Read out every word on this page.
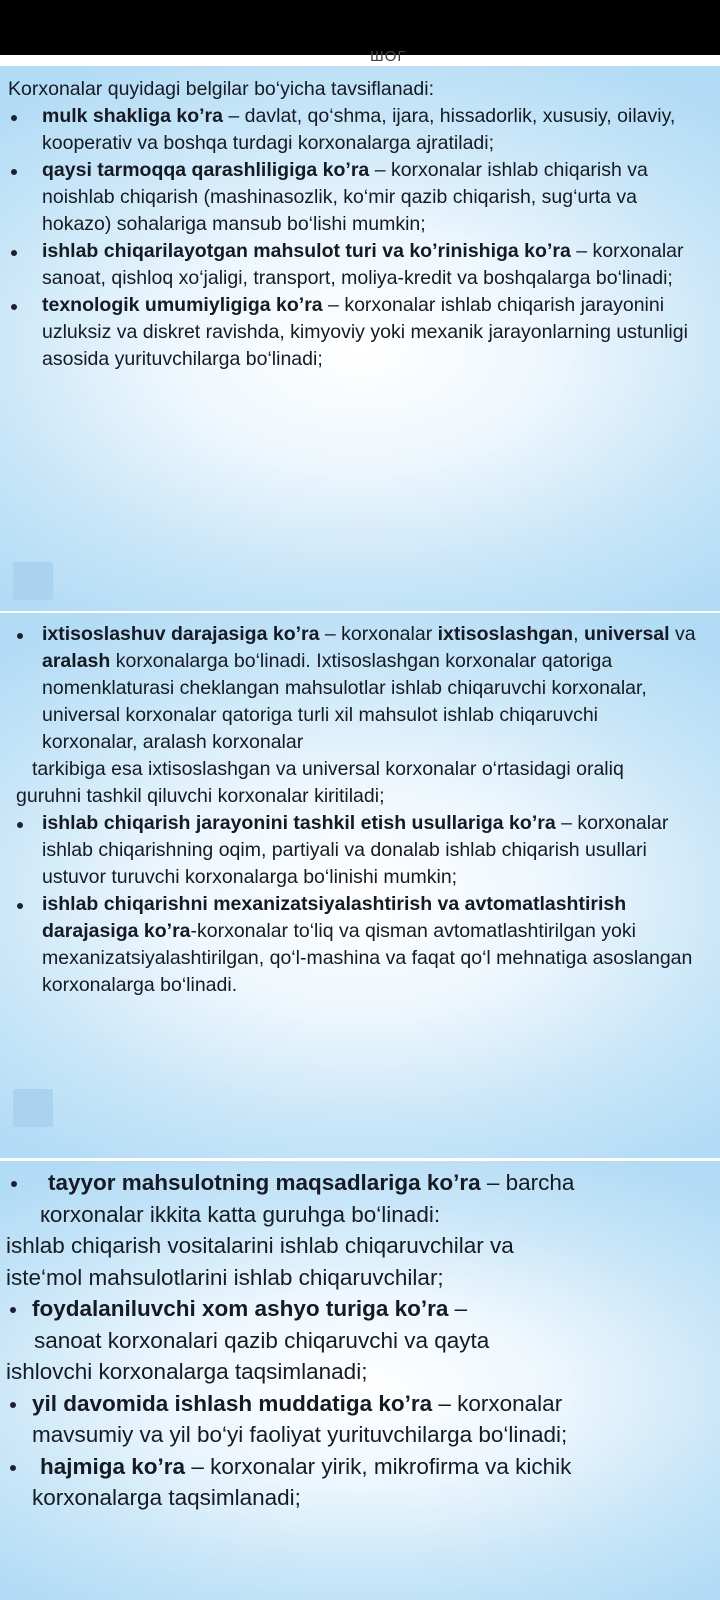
ШОГ

Korxonalar quyidagi belgilar bo‘yicha tavsiflanadi:

mulk shakliga ko’ra – davlat, qo‘shma, ijara, hissadorlik, xususiy, oilaviy, kooperativ va boshqa turdagi korxonalarga ajratiladi;
qaysi tarmoqqa qarashliligiga ko’ra – korxonalar ishlab chiqarish va noishlab chiqarish (mashinasozlik, ko‘mir qazib chiqarish, sug‘urta va hokazo) sohalariga mansub bo‘lishi mumkin;
ishlab chiqarilayotgan mahsulot turi va ko’rinishiga ko’ra – korxonalar sanoat, qishloq xo‘jaligi, transport, moliya-kredit va boshqalarga bo‘linadi;
texnologik umumiyligiga ko’ra – korxonalar ishlab chiqarish jarayonini uzluksiz va diskret ravishda, kimyoviy yoki mexanik jarayonlarning ustunligi asosida yurituvchilarga bo‘linadi;
ixtisoslashuv darajasiga ko’ra – korxonalar ixtisoslashgan, universal va aralash korxonalarga bo‘linadi. Ixtisoslashgan korxonalar qatoriga nomenklaturasi cheklangan mahsulotlar ishlab chiqaruvchi korxonalar, universal korxonalar qatoriga turli xil mahsulot ishlab chiqaruvchi korxonalar, aralash korxonalar

tarkibiga esa ixtisoslashgan va universal korxonalar o‘rtasidagi oraliq guruhni tashkil qiluvchi korxonalar kiritiladi;

ishlab chiqarish jarayonini tashkil etish usullariga ko’ra – korxonalar ishlab chiqarishning oqim, partiyali va donalab ishlab chiqarish usullari ustuvor turuvchi korxonalarga bo‘linishi mumkin;
ishlab chiqarishni mexanizatsiyalashtirish va avtomatlashtirish darajasiga ko’ra-korxonalar to‘liq va qisman avtomatlashtirilgan yoki mexanizatsiyalashtirilgan, qo‘l-mashina va faqat qo‘l mehnatiga asoslangan korxonalarga bo‘linadi.
tayyor mahsulotning maqsadlariga ko’ra – barcha

кorxonalar ikkita katta guruhga bo‘linadi:

ishlab chiqarish vositalarini ishlab chiqaruvchilar va

iste‘mol mahsulotlarini ishlab chiqaruvchilar;

foydalaniluvchi xom ashyo turiga ko’ra –

sanoat korxonalari qazib chiqaruvchi va qayta

ishlovchi korxonalarga taqsimlanadi;

yil davomida ishlash muddatiga ko’ra – korxonalar

mavsumiy va yil bo‘yi faoliyat yurituvchilarga bo‘linadi;

hajmiga ko’ra – korxonalar yirik, mikrofirma va kichik

korxonalarga taqsimlanadi;
